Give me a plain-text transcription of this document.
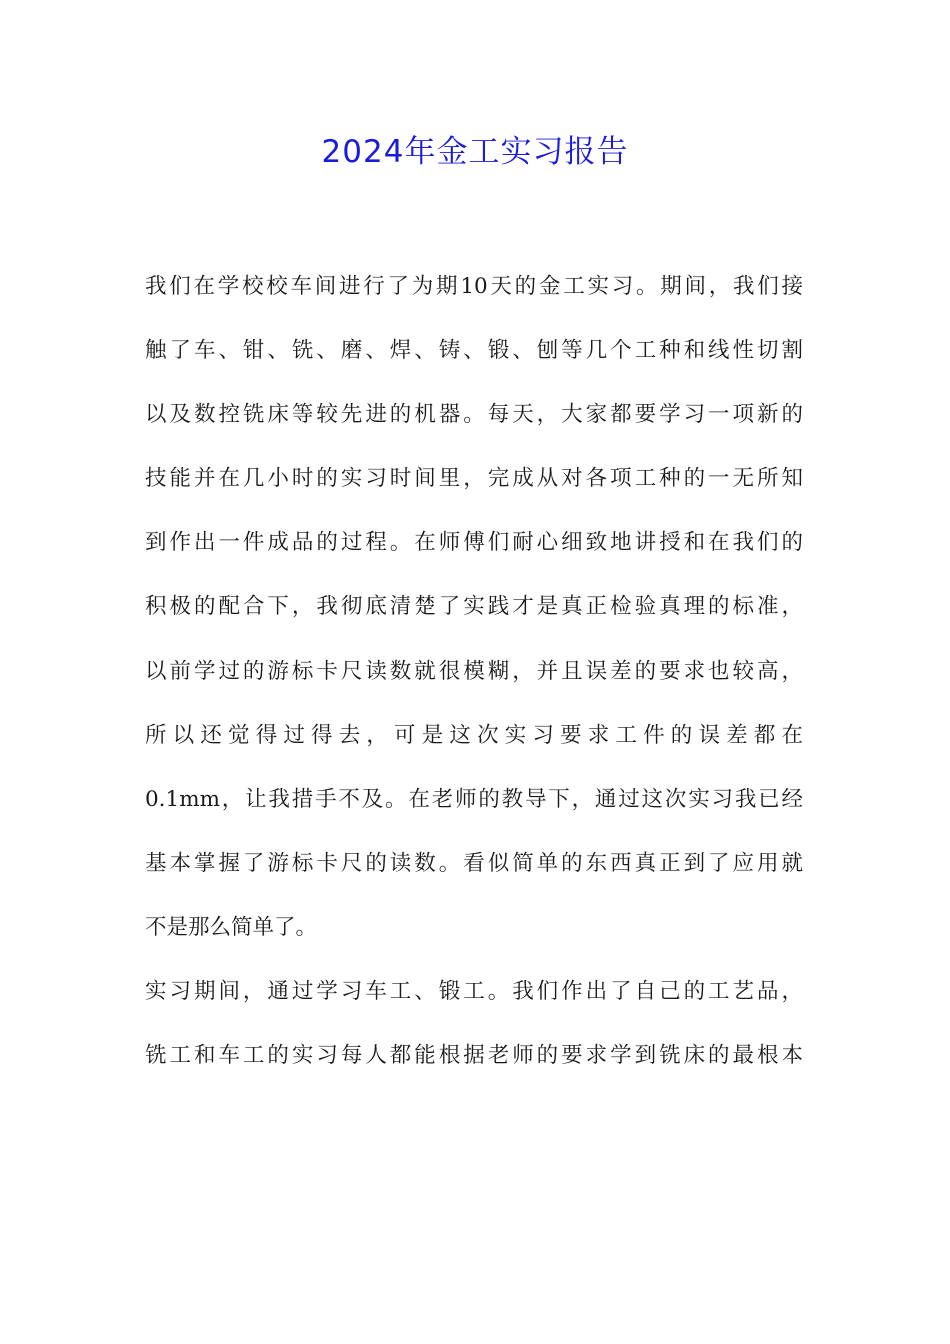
2024年金工实习报告
我们在学校校车间进行了为期10天的金工实习。期间，我们接
触了车、钳、铣、磨、焊、铸、锻、刨等几个工种和线性切割
以及数控铣床等较先进的机器。每天，大家都要学习一项新的
技能并在几小时的实习时间里，完成从对各项工种的一无所知
到作出一件成品的过程。在师傅们耐心细致地讲授和在我们的
积极的配合下，我彻底清楚了实践才是真正检验真理的标准，
以前学过的游标卡尺读数就很模糊，并且误差的要求也较高，
所以还觉得过得去，可是这次实习要求工件的误差都在
0.1mm，让我措手不及。在老师的教导下，通过这次实习我已经
基本掌握了游标卡尺的读数。看似简单的东西真正到了应用就
不是那么简单了。
实习期间，通过学习车工、锻工。我们作出了自己的工艺品，
铣工和车工的实习每人都能根据老师的要求学到铣床的最根本
